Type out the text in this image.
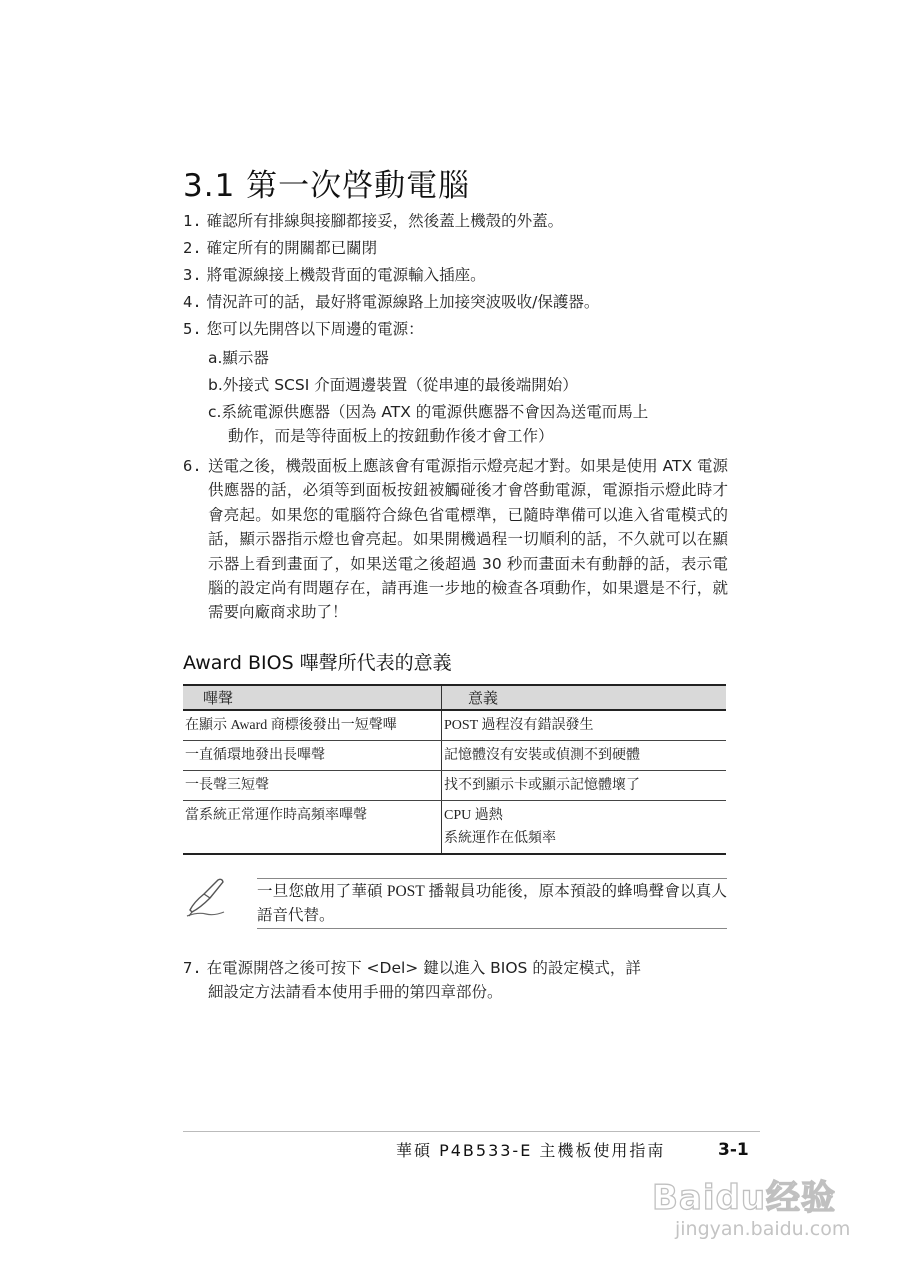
3.1 第一次啓動電腦
1. 確認所有排線與接腳都接妥，然後蓋上機殼的外蓋。
2. 確定所有的開關都已關閉
3. 將電源線接上機殼背面的電源輸入插座。
4. 情況許可的話，最好將電源線路上加接突波吸收/保護器。
5. 您可以先開啓以下周邊的電源：
a.顯示器
b.外接式 SCSI 介面週邊裝置（從串連的最後端開始）
c.系統電源供應器（因為 ATX 的電源供應器不會因為送電而馬上
動作，而是等待面板上的按鈕動作後才會工作）
6. 送電之後，機殼面板上應該會有電源指示燈亮起才對。如果是使用 ATX 電源供應器的話，必須等到面板按鈕被觸碰後才會啓動電源，電源指示燈此時才會亮起。如果您的電腦符合綠色省電標準，已隨時準備可以進入省電模式的話，顯示器指示燈也會亮起。如果開機過程一切順利的話，不久就可以在顯示器上看到畫面了，如果送電之後超過 30 秒而畫面未有動靜的話，表示電腦的設定尚有問題存在，請再進一步地的檢查各項動作，如果還是不行，就需要向廠商求助了！
Award BIOS 嗶聲所代表的意義
嗶聲	意義
在顯示 Award 商標後發出一短聲嗶	POST 過程沒有錯誤發生
一直循環地發出長嗶聲	記憶體沒有安裝或偵測不到硬體
一長聲三短聲	找不到顯示卡或顯示記憶體壞了
當系統正常運作時高頻率嗶聲	CPU 過熱
系統運作在低頻率
一旦您啟用了華碩 POST 播報員功能後，原本預設的蜂鳴聲會以真人語音代替。
7. 在電源開啓之後可按下 <Del> 鍵以進入 BIOS 的設定模式，詳
細設定方法請看本使用手冊的第四章部份。
華碩 P4B533-E 主機板使用指南	3-1
Baidu经验
jingyan.baidu.com
